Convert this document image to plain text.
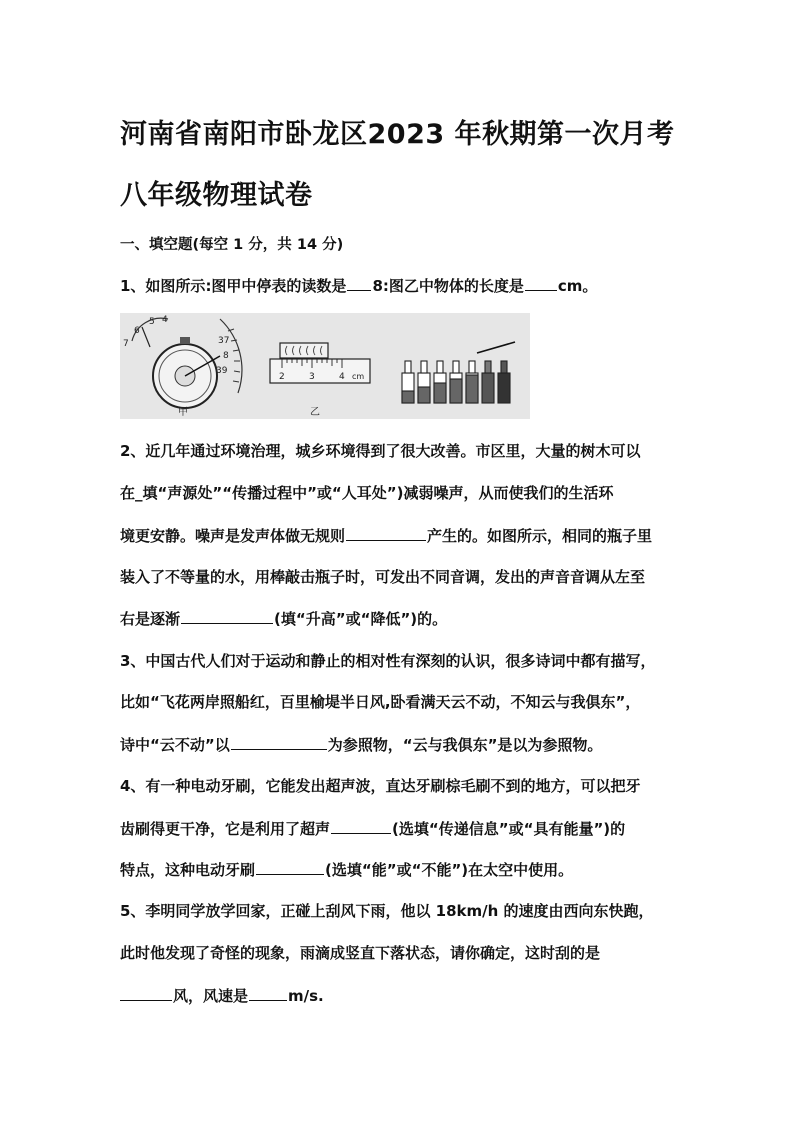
河南省南阳市卧龙区2023 年秋期第一次月考
八年级物理试卷
一、填空题(每空 1 分，共 14 分)
1、如图所示:图甲中停表的读数是 8:图乙中物体的长度是 cm。
7
6
5 4
37
8
39
2	3	4 cm
甲	乙
2、近几年通过环境治理，城乡环境得到了很大改善。市区里，大量的树木可以
在_填“声源处”“传播过程中”或“人耳处”)减弱噪声，从而使我们的生活环
境更安静。噪声是发声体做无规则	产生的。如图所示，相同的瓶子里
装入了不等量的水，用棒敲击瓶子时，可发出不同音调，发出的声音音调从左至
右是逐渐	(填“升高”或“降低”)的。
3、中国古代人们对于运动和静止的相对性有深刻的认识，很多诗词中都有描写，
比如“飞花两岸照船红，百里榆堤半日风,卧看满天云不动，不知云与我俱东”，
诗中“云不动”以	为参照物，“云与我俱东”是以为参照物。
4、有一种电动牙刷，它能发出超声波，直达牙刷棕毛刷不到的地方，可以把牙
齿刷得更干净，它是利用了超声	(选填“传递信息”或“具有能量”)的
特点，这种电动牙刷	(选填“能”或“不能”)在太空中使用。
5、李明同学放学回家，正碰上刮风下雨，他以 18km/h 的速度由西向东快跑，
此时他发现了奇怪的现象，雨滴成竖直下落状态，请你确定，这时刮的是
风，风速是	m/s.
